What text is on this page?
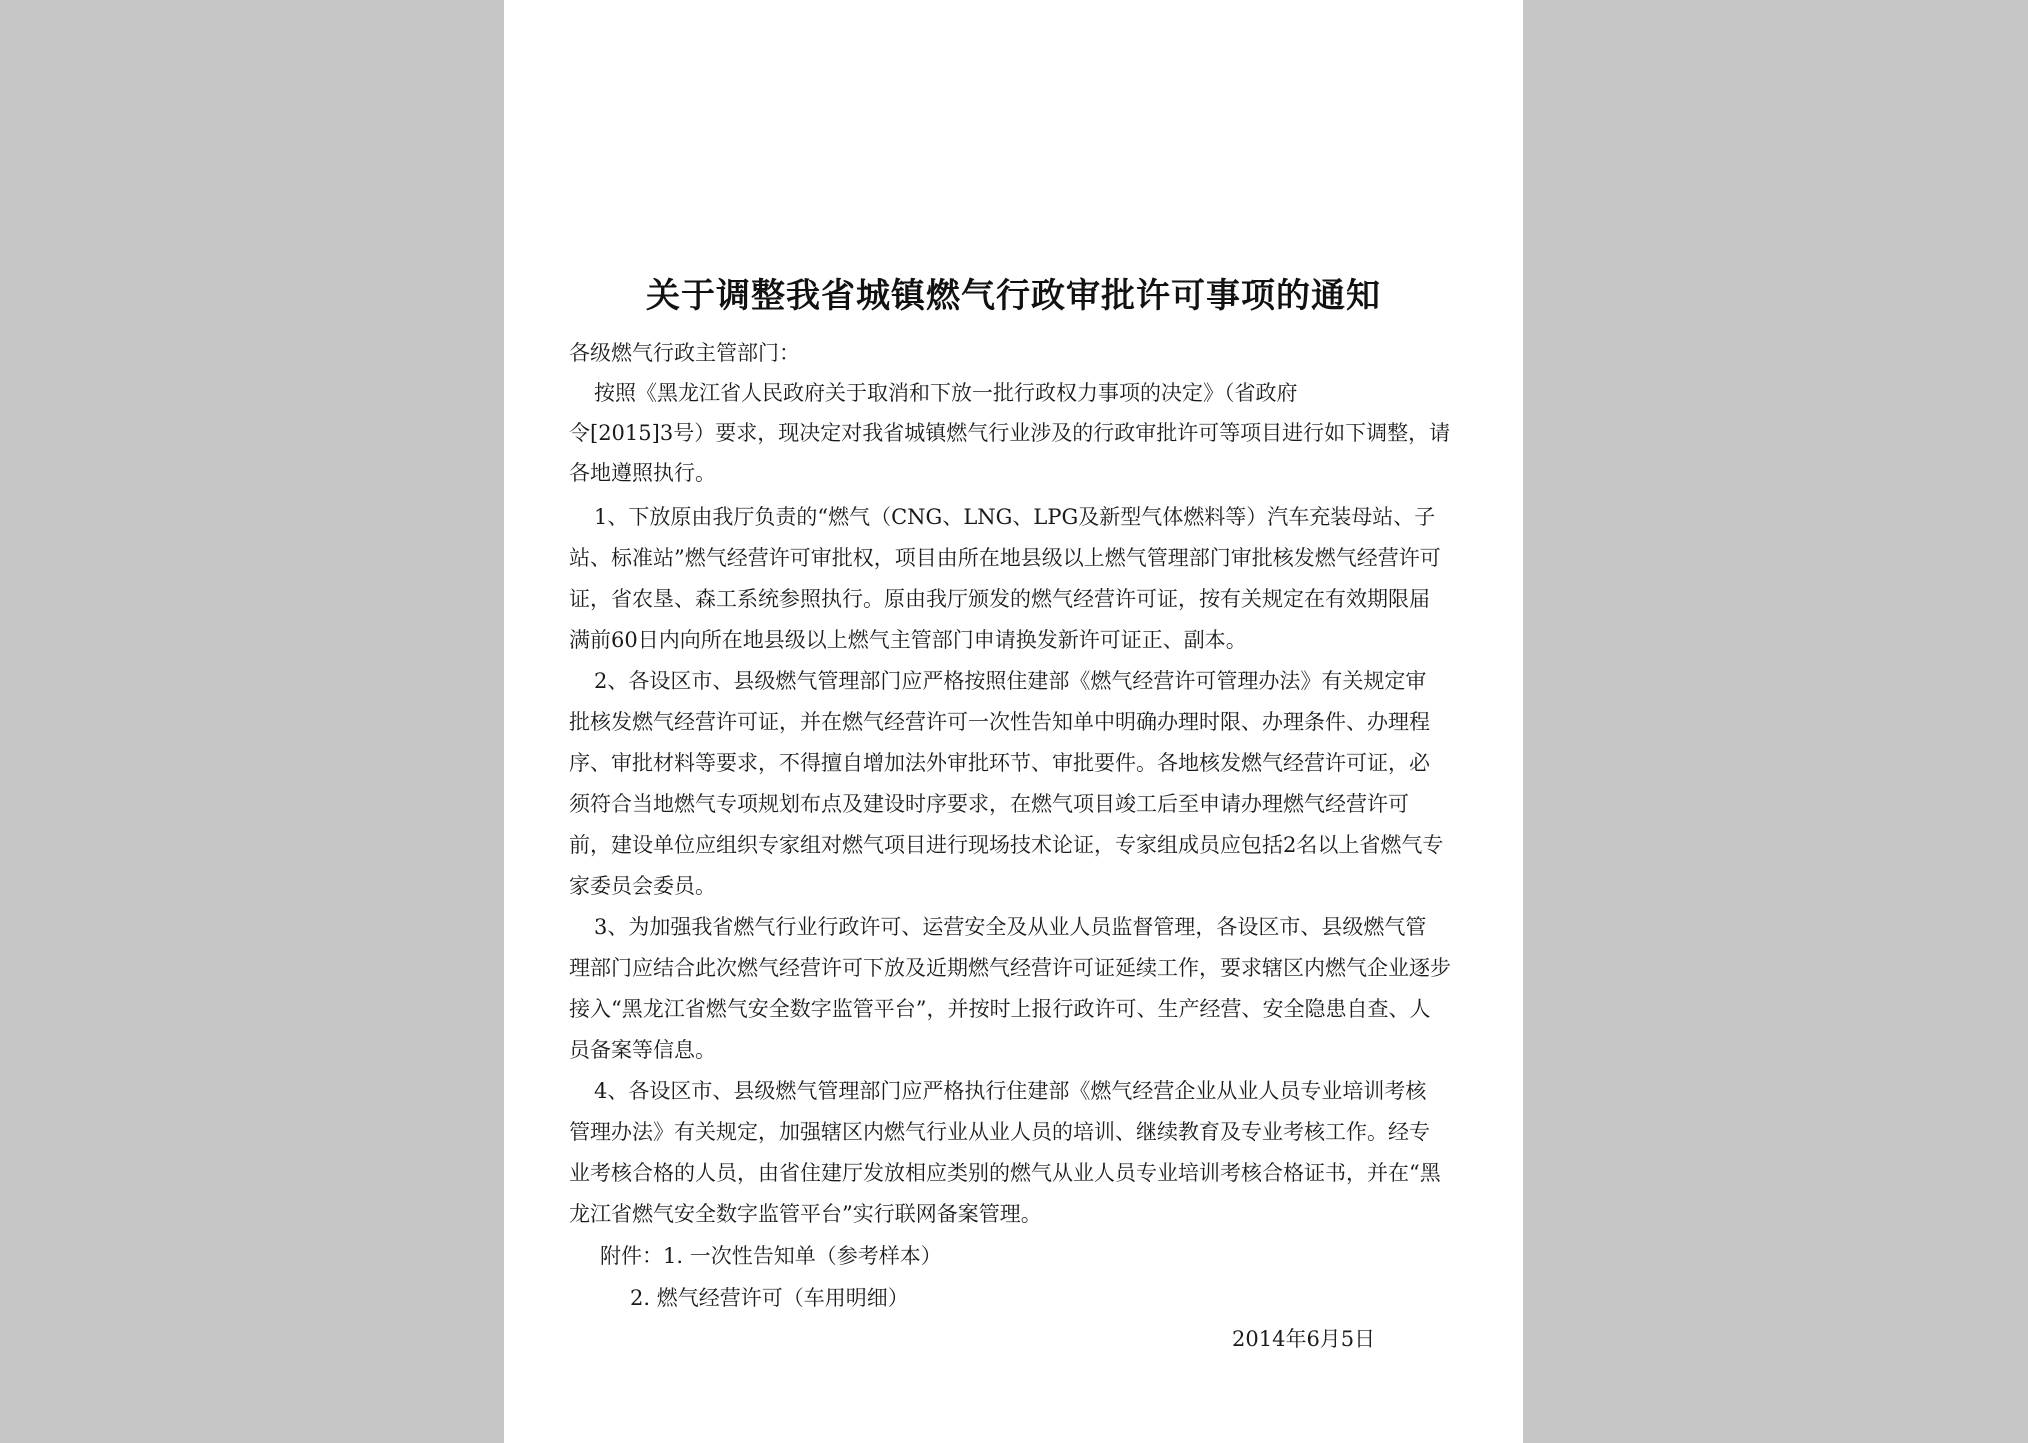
关于调整我省城镇燃气行政审批许可事项的通知
各级燃气行政主管部门：
按照《黑龙江省人民政府关于取消和下放一批行政权力事项的决定》（省政府
令[2015]3号）要求，现决定对我省城镇燃气行业涉及的行政审批许可等项目进行如下调整，请
各地遵照执行。
1、下放原由我厅负责的“燃气（CNG、LNG、LPG及新型气体燃料等）汽车充装母站、子
站、标准站”燃气经营许可审批权，项目由所在地县级以上燃气管理部门审批核发燃气经营许可
证，省农垦、森工系统参照执行。原由我厅颁发的燃气经营许可证，按有关规定在有效期限届
满前60日内向所在地县级以上燃气主管部门申请换发新许可证正、副本。
2、各设区市、县级燃气管理部门应严格按照住建部《燃气经营许可管理办法》有关规定审
批核发燃气经营许可证，并在燃气经营许可一次性告知单中明确办理时限、办理条件、办理程
序、审批材料等要求，不得擅自增加法外审批环节、审批要件。各地核发燃气经营许可证，必
须符合当地燃气专项规划布点及建设时序要求，在燃气项目竣工后至申请办理燃气经营许可
前，建设单位应组织专家组对燃气项目进行现场技术论证，专家组成员应包括2名以上省燃气专
家委员会委员。
3、为加强我省燃气行业行政许可、运营安全及从业人员监督管理，各设区市、县级燃气管
理部门应结合此次燃气经营许可下放及近期燃气经营许可证延续工作，要求辖区内燃气企业逐步
接入“黑龙江省燃气安全数字监管平台”，并按时上报行政许可、生产经营、安全隐患自查、人
员备案等信息。
4、各设区市、县级燃气管理部门应严格执行住建部《燃气经营企业从业人员专业培训考核
管理办法》有关规定，加强辖区内燃气行业从业人员的培训、继续教育及专业考核工作。经专
业考核合格的人员，由省住建厅发放相应类别的燃气从业人员专业培训考核合格证书，并在“黑
龙江省燃气安全数字监管平台”实行联网备案管理。
附件：1. 一次性告知单（参考样本）
2. 燃气经营许可（车用明细）
2014年6月5日
